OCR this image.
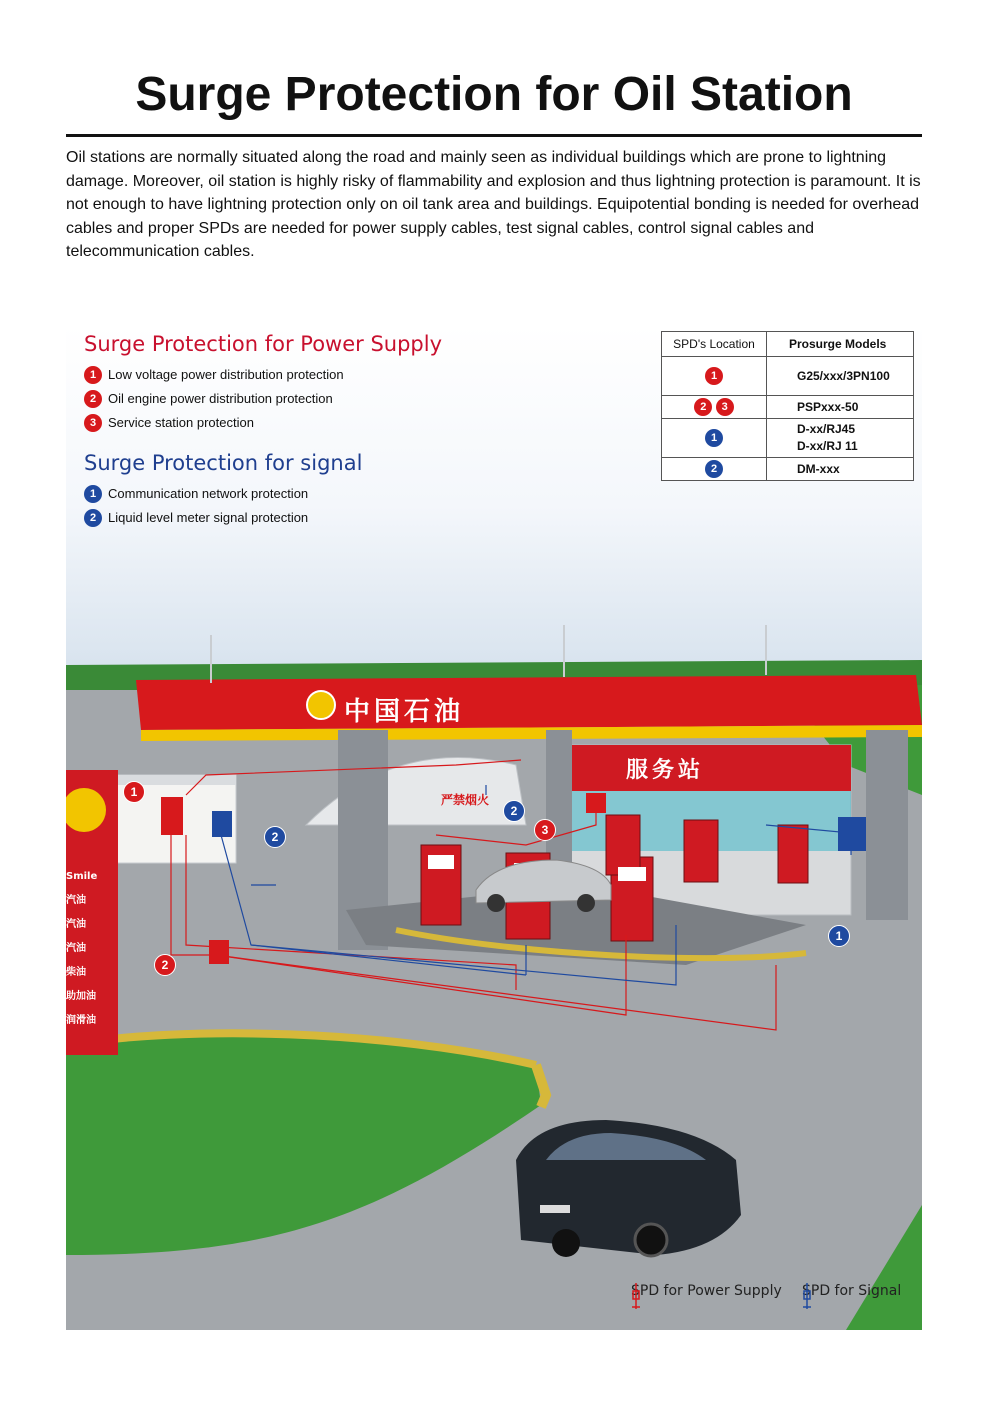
Surge Protection for Oil Station

Oil stations are normally situated along the road and mainly seen as individual buildings which are prone to lightning damage. Moreover, oil station is highly risky of flammability and explosion and thus lightning protection is paramount. It is not enough to have lightning protection only on oil tank area and buildings. Equipotential bonding is needed for overhead cables and proper SPDs are needed for power supply cables, test signal cables, control signal cables and telecommunication cables.

中国石油
服务站
严禁烟火
Smile
汽油
汽油
汽油
柴油
助加油
润滑油
1
2
3
2
2
1
Surge Protection for Power Supply
1 Low voltage power distribution protection
2 Oil engine power distribution protection
3 Service station protection
Surge Protection for signal
1 Communication network protection
2 Liquid level meter signal protection
SPD's Location	Prosurge Models
1	G25/xxx/3PN100
2 3	PSPxxx-50
1	D-xx/RJ45
D-xx/RJ 11

2	DM-xxx
SPD for Power Supply SPD for Signal
